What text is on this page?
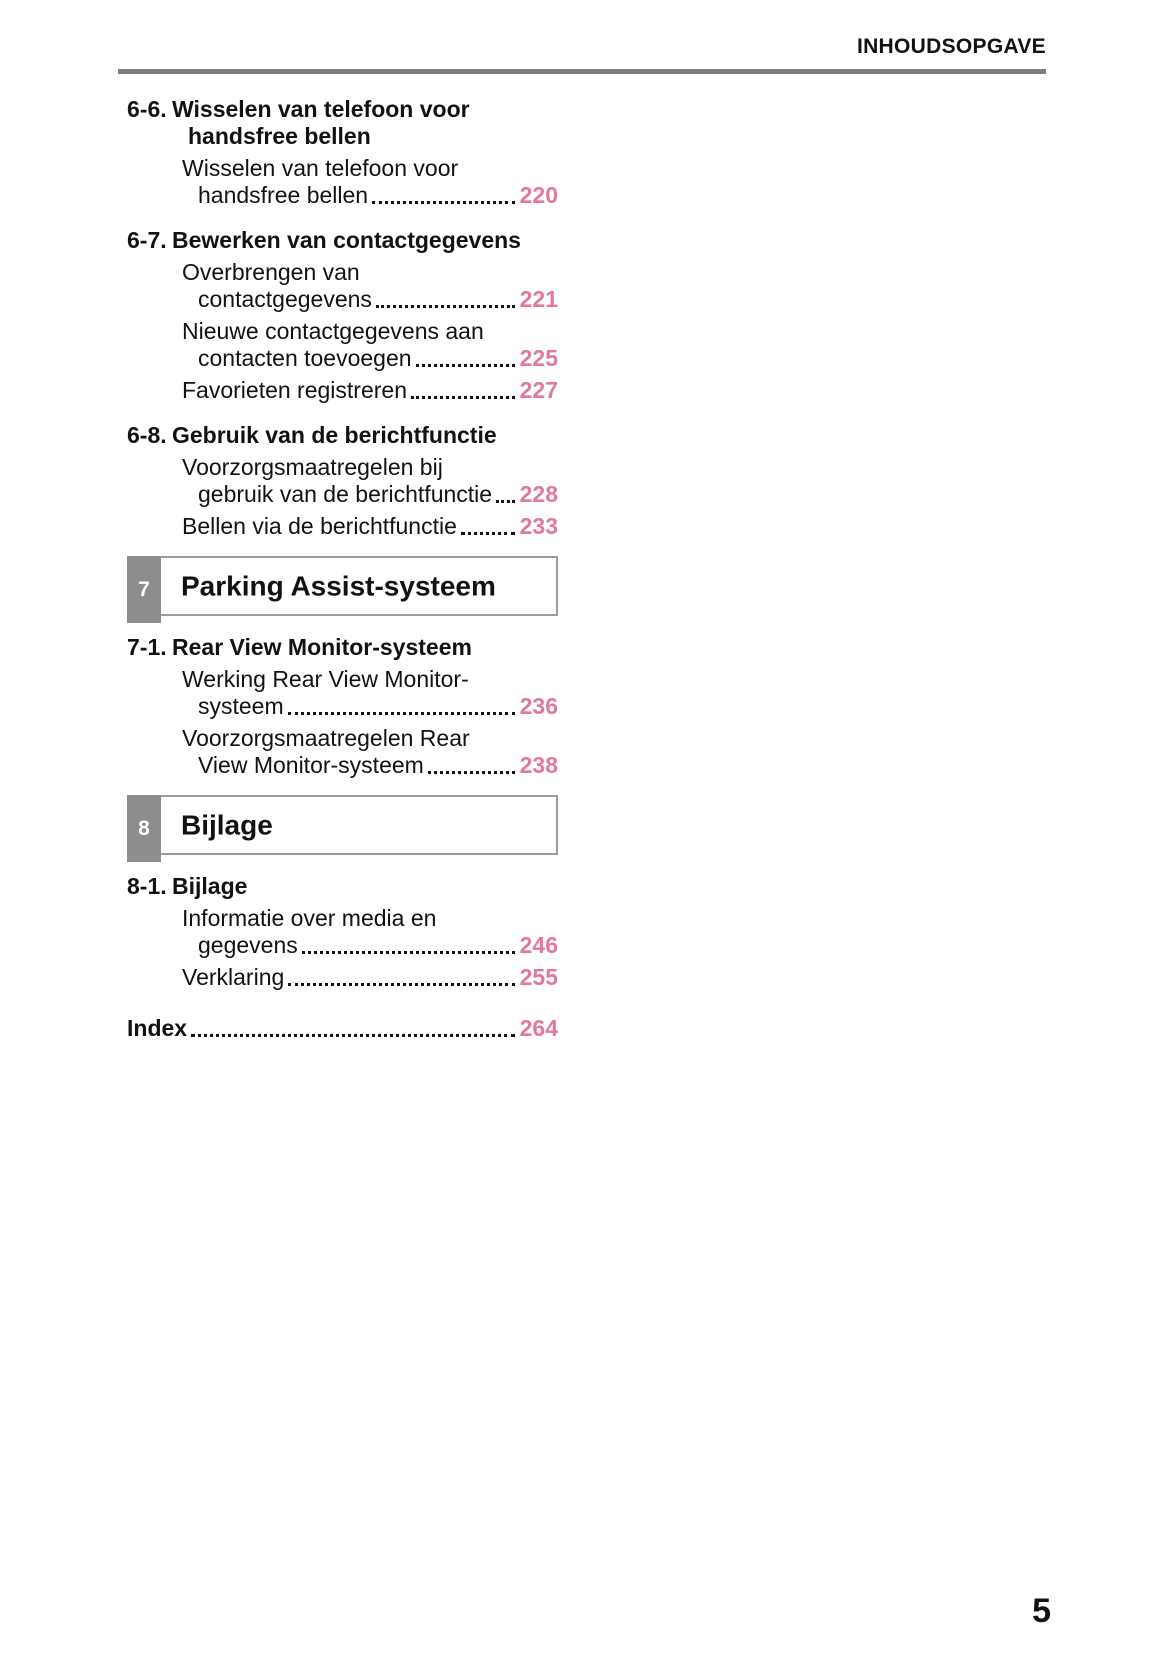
INHOUDSOPGAVE
6-6. Wisselen van telefoon voor
handsfree bellen
Wisselen van telefoon voor
handsfree bellen	220
6-7. Bewerken van contactgegevens
Overbrengen van
contactgegevens	221
Nieuwe contactgegevens aan
contacten toevoegen	225
Favorieten registreren	227
6-8. Gebruik van de berichtfunctie
Voorzorgsmaatregelen bij
gebruik van de berichtfunctie 228
Bellen via de berichtfunctie	233
7 Parking Assist-systeem
7-1. Rear View Monitor-systeem
Werking Rear View Monitor-
systeem	236
Voorzorgsmaatregelen Rear
View Monitor-systeem	238
8 Bijlage
8-1. Bijlage
Informatie over media en
gegevens	246
Verklaring	255
Index	264
5
